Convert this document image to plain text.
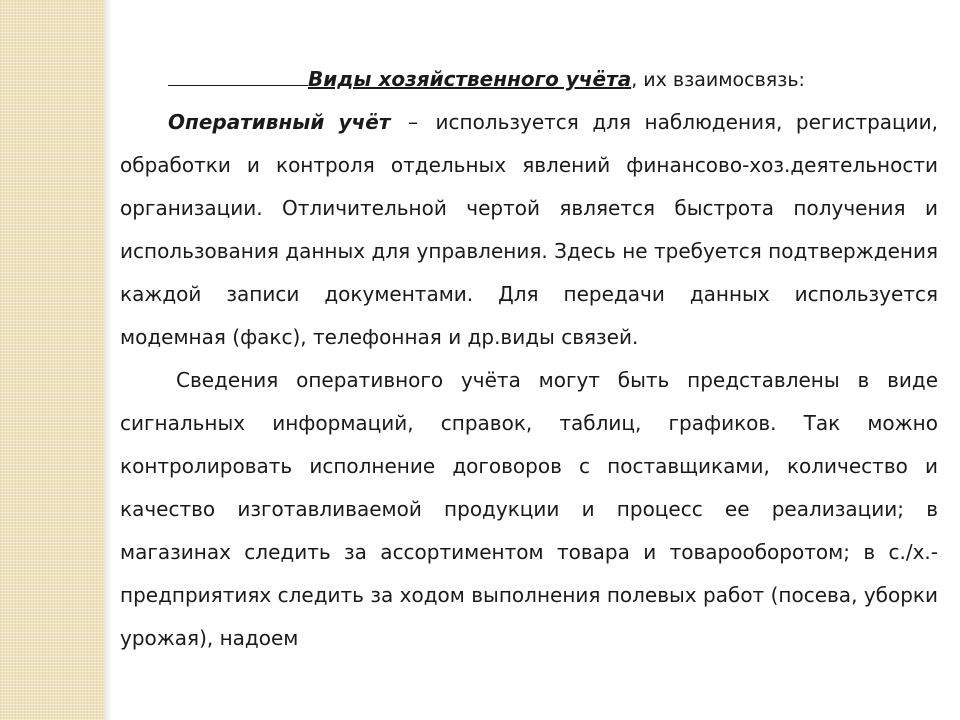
Виды хозяйственного учёта, их взаимосвязь:

Оперативный учёт – используется для наблюдения, регистрации, обработки и контроля отдельных явлений финансово-хоз.деятельности организации. Отличительной чертой является быстрота получения и использования данных для управления. Здесь не требуется подтверждения каждой записи документами. Для передачи данных используется модемная (факс), телефонная и др.виды связей.

Сведения оперативного учёта могут быть представлены в виде сигнальных информаций, справок, таблиц, графиков. Так можно контролировать исполнение договоров с поставщиками, количество и качество изготавливаемой продукции и процесс ее реализации; в магазинах следить за ассортиментом товара и товарооборотом; в с./х.-предприятиях следить за ходом выполнения полевых работ (посева, уборки урожая), надоем
